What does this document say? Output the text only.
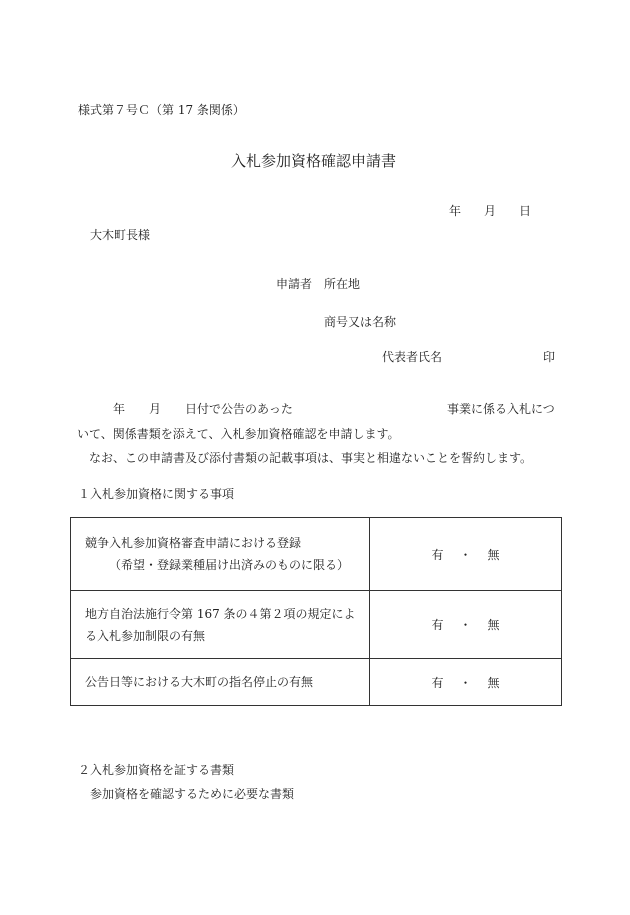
様式第７号Ｃ（第 17 条関係）
入札参加資格確認申請書
年 月 日
大木町長様
申請者 所在地
商号又は名称
代表者氏名	印
年 月 日付で公告のあった	事業に係る入札につ
いて、関係書類を添えて、入札参加資格確認を申請します。
なお、この申請書及び添付書類の記載事項は、事実と相違ないことを誓約します。
１入札参加資格に関する事項
競争入札参加資格審査申請における登録
（希望・登録業種届け出済みのものに限る）	有 ・ 無

地方自治法施行令第 167 条の４第２項の規定によ
る入札参加制限の有無	有 ・ 無

公告日等における大木町の指名停止の有無	有 ・ 無
２入札参加資格を証する書類
参加資格を確認するために必要な書類
